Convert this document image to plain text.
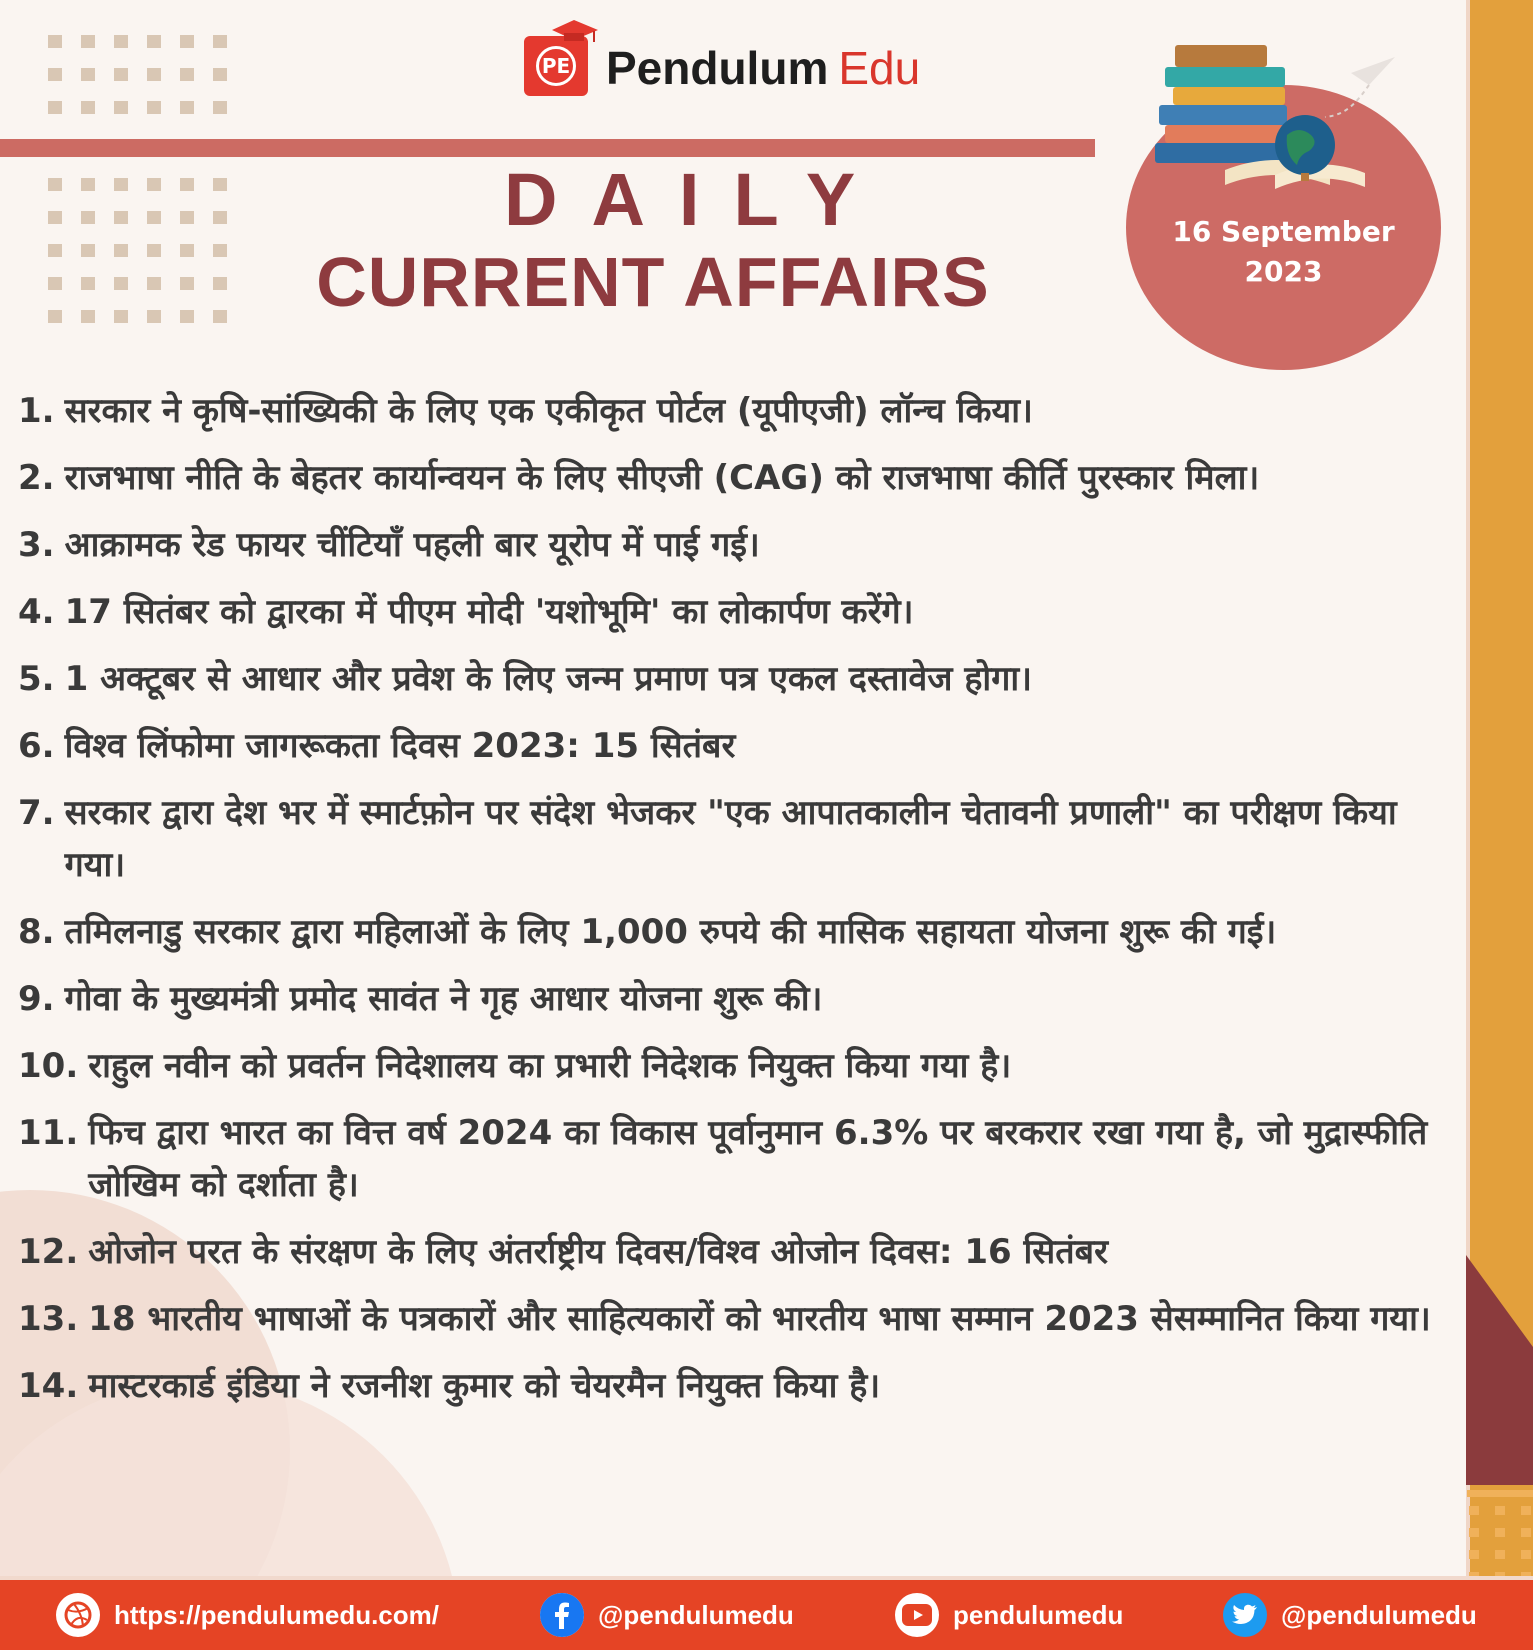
PE Pendulum Edu
DAILY
CURRENT AFFAIRS
16 September
2023
1. सरकार ने कृषि-सांख्यिकी के लिए एक एकीकृत पोर्टल (यूपीएजी) लॉन्च किया।
2. राजभाषा नीति के बेहतर कार्यान्वयन के लिए सीएजी (CAG) को राजभाषा कीर्ति पुरस्कार मिला।
3. आक्रामक रेड फायर चींटियाँ पहली बार यूरोप में पाई गई।
4. 17 सितंबर को द्वारका में पीएम मोदी 'यशोभूमि' का लोकार्पण करेंगे।
5. 1 अक्टूबर से आधार और प्रवेश के लिए जन्म प्रमाण पत्र एकल दस्तावेज होगा।
6. विश्व लिंफोमा जागरूकता दिवस 2023: 15 सितंबर
7. सरकार द्वारा देश भर में स्मार्टफ़ोन पर संदेश भेजकर "एक आपातकालीन चेतावनी प्रणाली" का परीक्षण किया गया।
8. तमिलनाडु सरकार द्वारा महिलाओं के लिए 1,000 रुपये की मासिक सहायता योजना शुरू की गई।
9. गोवा के मुख्यमंत्री प्रमोद सावंत ने गृह आधार योजना शुरू की।
10. राहुल नवीन को प्रवर्तन निदेशालय का प्रभारी निदेशक नियुक्त किया गया है।
11. फिच द्वारा भारत का वित्त वर्ष 2024 का विकास पूर्वानुमान 6.3% पर बरकरार रखा गया है, जो मुद्रास्फीति जोखिम को दर्शाता है।
12. ओजोन परत के संरक्षण के लिए अंतर्राष्ट्रीय दिवस/विश्व ओजोन दिवस: 16 सितंबर
13. 18 भारतीय भाषाओं के पत्रकारों और साहित्यकारों को भारतीय भाषा सम्मान 2023 सेसम्मानित किया गया।
14. मास्टरकार्ड इंडिया ने रजनीश कुमार को चेयरमैन नियुक्त किया है।
https://pendulumedu.com/	@pendulumedu	pendulumedu	@pendulumedu
